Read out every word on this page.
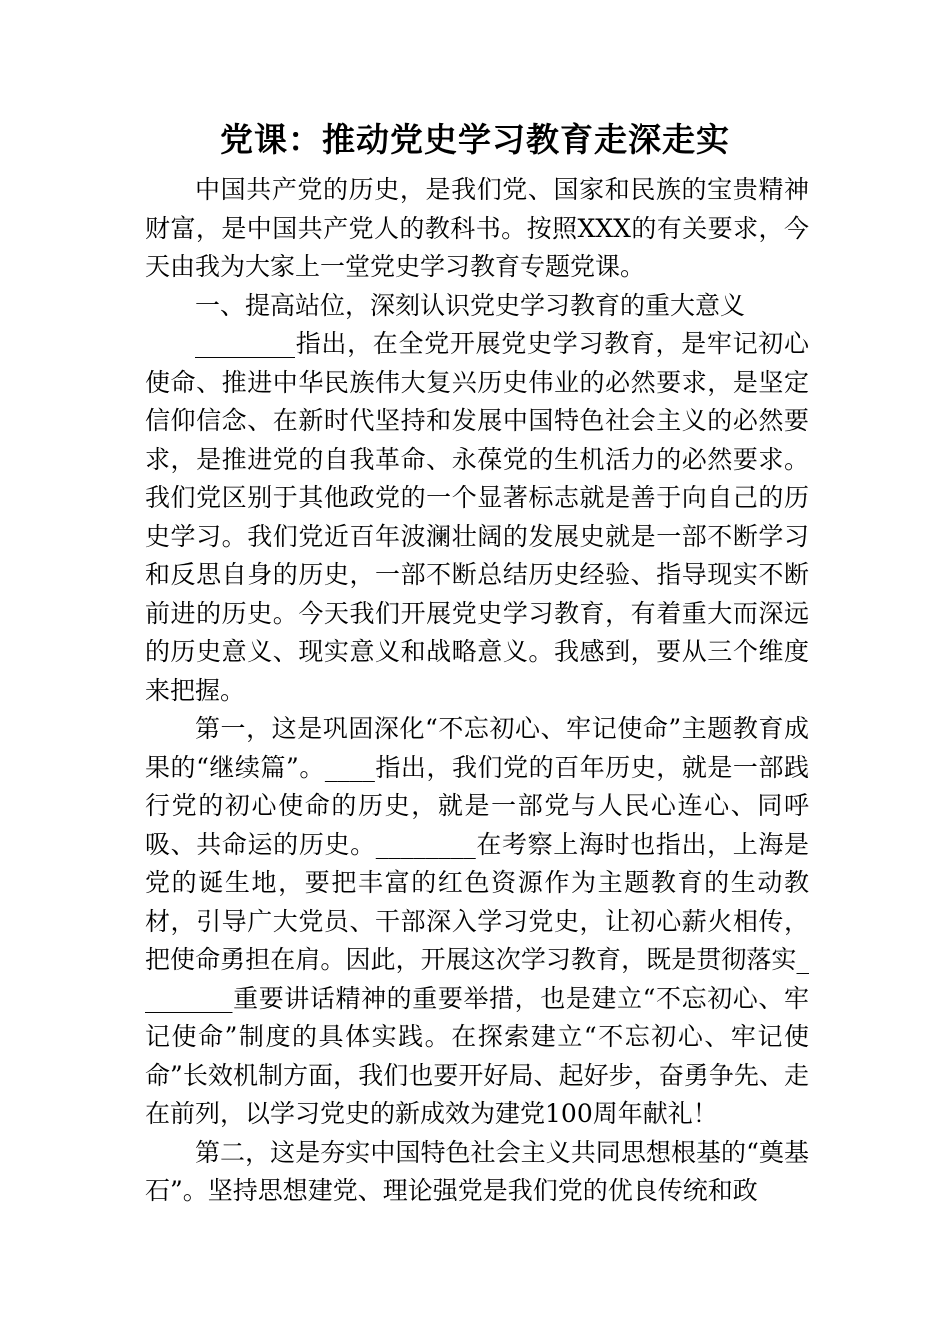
党课：推动党史学习教育走深走实

中国共产党的历史，是我们党、国家和民族的宝贵精神财富，是中国共产党人的教科书。按照XXX的有关要求，今天由我为大家上一堂党史学习教育专题党课。

一、提高站位，深刻认识党史学习教育的重大意义

________指出，在全党开展党史学习教育，是牢记初心使命、推进中华民族伟大复兴历史伟业的必然要求，是坚定信仰信念、在新时代坚持和发展中国特色社会主义的必然要求，是推进党的自我革命、永葆党的生机活力的必然要求。我们党区别于其他政党的一个显著标志就是善于向自己的历史学习。我们党近百年波澜壮阔的发展史就是一部不断学习和反思自身的历史，一部不断总结历史经验、指导现实不断前进的历史。今天我们开展党史学习教育，有着重大而深远的历史意义、现实意义和战略意义。我感到，要从三个维度来把握。

第一，这是巩固深化“不忘初心、牢记使命”主题教育成果的“继续篇”。____指出，我们党的百年历史，就是一部践行党的初心使命的历史，就是一部党与人民心连心、同呼吸、共命运的历史。________在考察上海时也指出，上海是党的诞生地，要把丰富的红色资源作为主题教育的生动教材，引导广大党员、干部深入学习党史，让初心薪火相传，把使命勇担在肩。因此，开展这次学习教育，既是贯彻落实________重要讲话精神的重要举措，也是建立“不忘初心、牢记使命”制度的具体实践。在探索建立“不忘初心、牢记使命”长效机制方面，我们也要开好局、起好步，奋勇争先、走在前列，以学习党史的新成效为建党100周年献礼！

第二，这是夯实中国特色社会主义共同思想根基的“奠基石”。坚持思想建党、理论强党是我们党的优良传统和政
